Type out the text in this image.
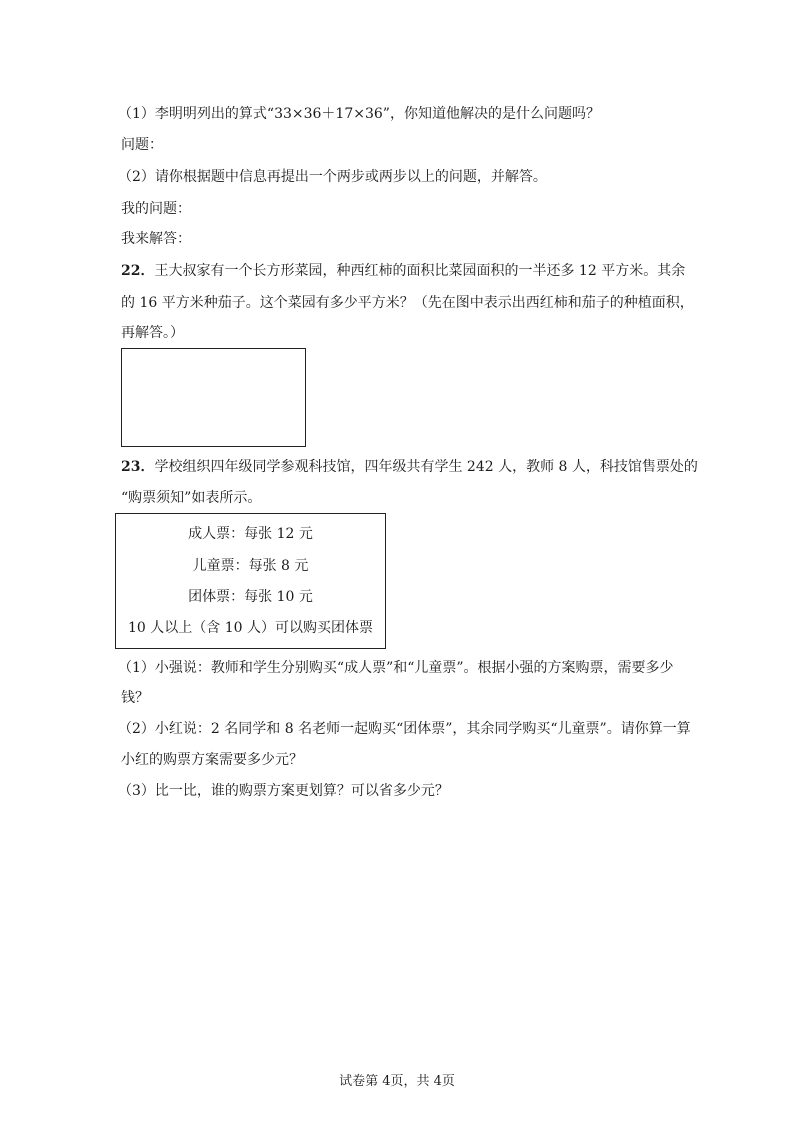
（1）李明明列出的算式“33×36＋17×36”，你知道他解决的是什么问题吗？
问题：
（2）请你根据题中信息再提出一个两步或两步以上的问题，并解答。
我的问题：
我来解答：
22．王大叔家有一个长方形菜园，种西红柿的面积比菜园面积的一半还多 12 平方米。其余
的 16 平方米种茄子。这个菜园有多少平方米？（先在图中表示出西红柿和茄子的种植面积，
再解答。）
23．学校组织四年级同学参观科技馆，四年级共有学生 242 人，教师 8 人，科技馆售票处的
“购票须知”如表所示。
成人票：每张 12 元
儿童票：每张 8 元
团体票：每张 10 元
10 人以上（含 10 人）可以购买团体票
（1）小强说：教师和学生分别购买“成人票”和“儿童票”。根据小强的方案购票，需要多少
钱？
（2）小红说：2 名同学和 8 名老师一起购买“团体票”，其余同学购买“儿童票”。请你算一算
小红的购票方案需要多少元？
（3）比一比，谁的购票方案更划算？可以省多少元？
试卷第 4页，共 4页
